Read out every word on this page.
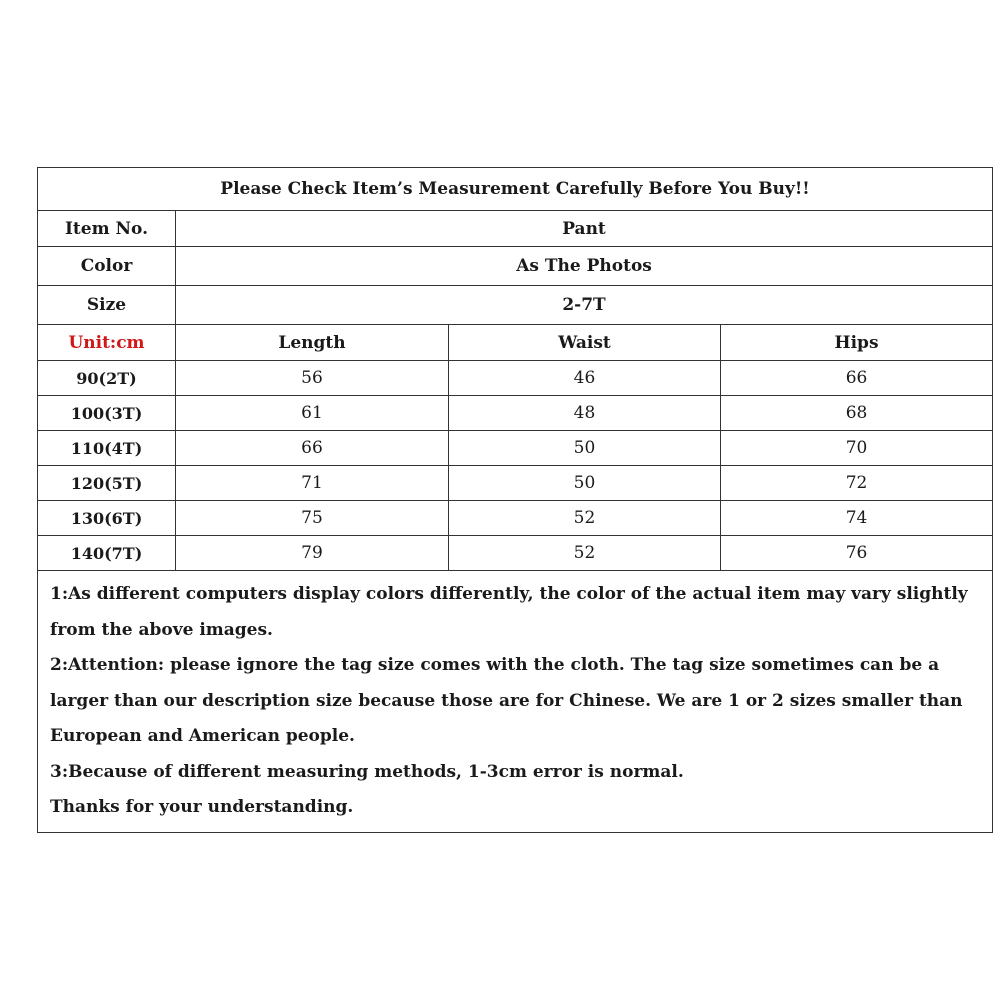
Please Check Item’s Measurement Carefully Before You Buy!!			
Item No.	Pant		
Color	As The Photos		
Size	2-7T		
Unit:cm	Length	Waist	Hips
90(2T)	56	46	66
100(3T)	61	48	68
110(4T)	66	50	70
120(5T)	71	50	72
130(6T)	75	52	74
140(7T)	79	52	76

1:As different computers display colors differently, the color of the actual item may vary slightly from the above images.

2:Attention: please ignore the tag size comes with the cloth. The tag size sometimes can be a larger than our description size because those are for Chinese. We are 1 or 2 sizes smaller than European and American people.

3:Because of different measuring methods, 1-3cm error is normal.

Thanks for your understanding.			
